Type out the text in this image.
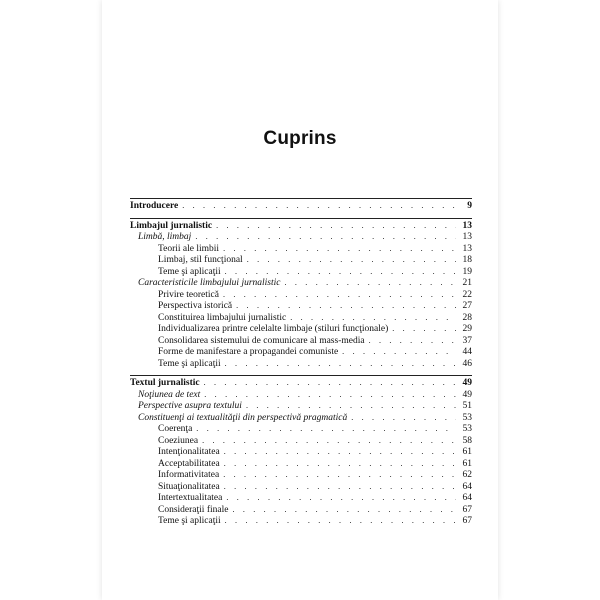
Cuprins
Introducere . . .	9
Limbajul jurnalistic . . .	13
Limbă, limbaj . . .	13
Teorii ale limbii . . .	13
Limbaj, stil funcţional . . .	18
Teme şi aplicaţii . . .	19
Caracteristicile limbajului jurnalistic . . .	21
Privire teoretică . . .	22
Perspectiva istorică . . .	27
Constituirea limbajului jurnalistic . . .	28
Individualizarea printre celelalte limbaje (stiluri funcţionale) . . .	29
Consolidarea sistemului de comunicare al mass-media . . .	37
Forme de manifestare a propagandei comuniste . . .	44
Teme şi aplicaţii . . .	46
Textul jurnalistic . . .	49
Noţiunea de text . . .	49
Perspective asupra textului . . .	51
Constituenţi ai textualităţii din perspectivă pragmatică . . .	53
Coerenţa . . .	53
Coeziunea . . .	58
Intenţionalitatea . . .	61
Acceptabilitatea . . .	61
Informativitatea . . .	62
Situaţionalitatea . . .	64
Intertextualitatea . . .	64
Consideraţii finale . . .	67
Teme şi aplicaţii . . .	67
